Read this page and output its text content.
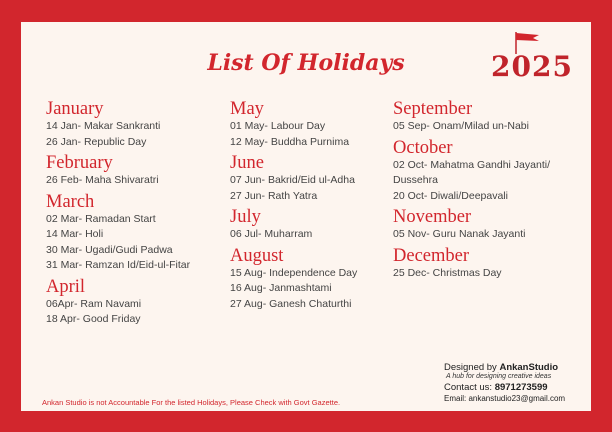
List Of Holidays	2025
January
14 Jan- Makar Sankranti
26 Jan- Republic Day
February
26 Feb- Maha Shivaratri
March
02 Mar- Ramadan Start
14 Mar- Holi
30 Mar- Ugadi/Gudi Padwa
31 Mar- Ramzan Id/Eid-ul-Fitar
April
06Apr- Ram Navami
18 Apr- Good Friday
May
01 May- Labour Day
12 May- Buddha Purnima
June
07 Jun- Bakrid/Eid ul-Adha
27 Jun- Rath Yatra
July
06 Jul- Muharram
August
15 Aug- Independence Day
16 Aug- Janmashtami
27 Aug- Ganesh Chaturthi
September
05 Sep- Onam/Milad un-Nabi
October
02 Oct- Mahatma Gandhi Jayanti/
Dussehra
20 Oct- Diwali/Deepavali
November
05 Nov- Guru Nanak Jayanti
December
25 Dec- Christmas Day
Designed by AnkanStudio
A hub for designing creative ideas
Contact us: 8971273599
Email: ankanstudio23@gmail.com
Ankan Studio is not Accountable For the listed Holidays, Please Check with Govt Gazette.
